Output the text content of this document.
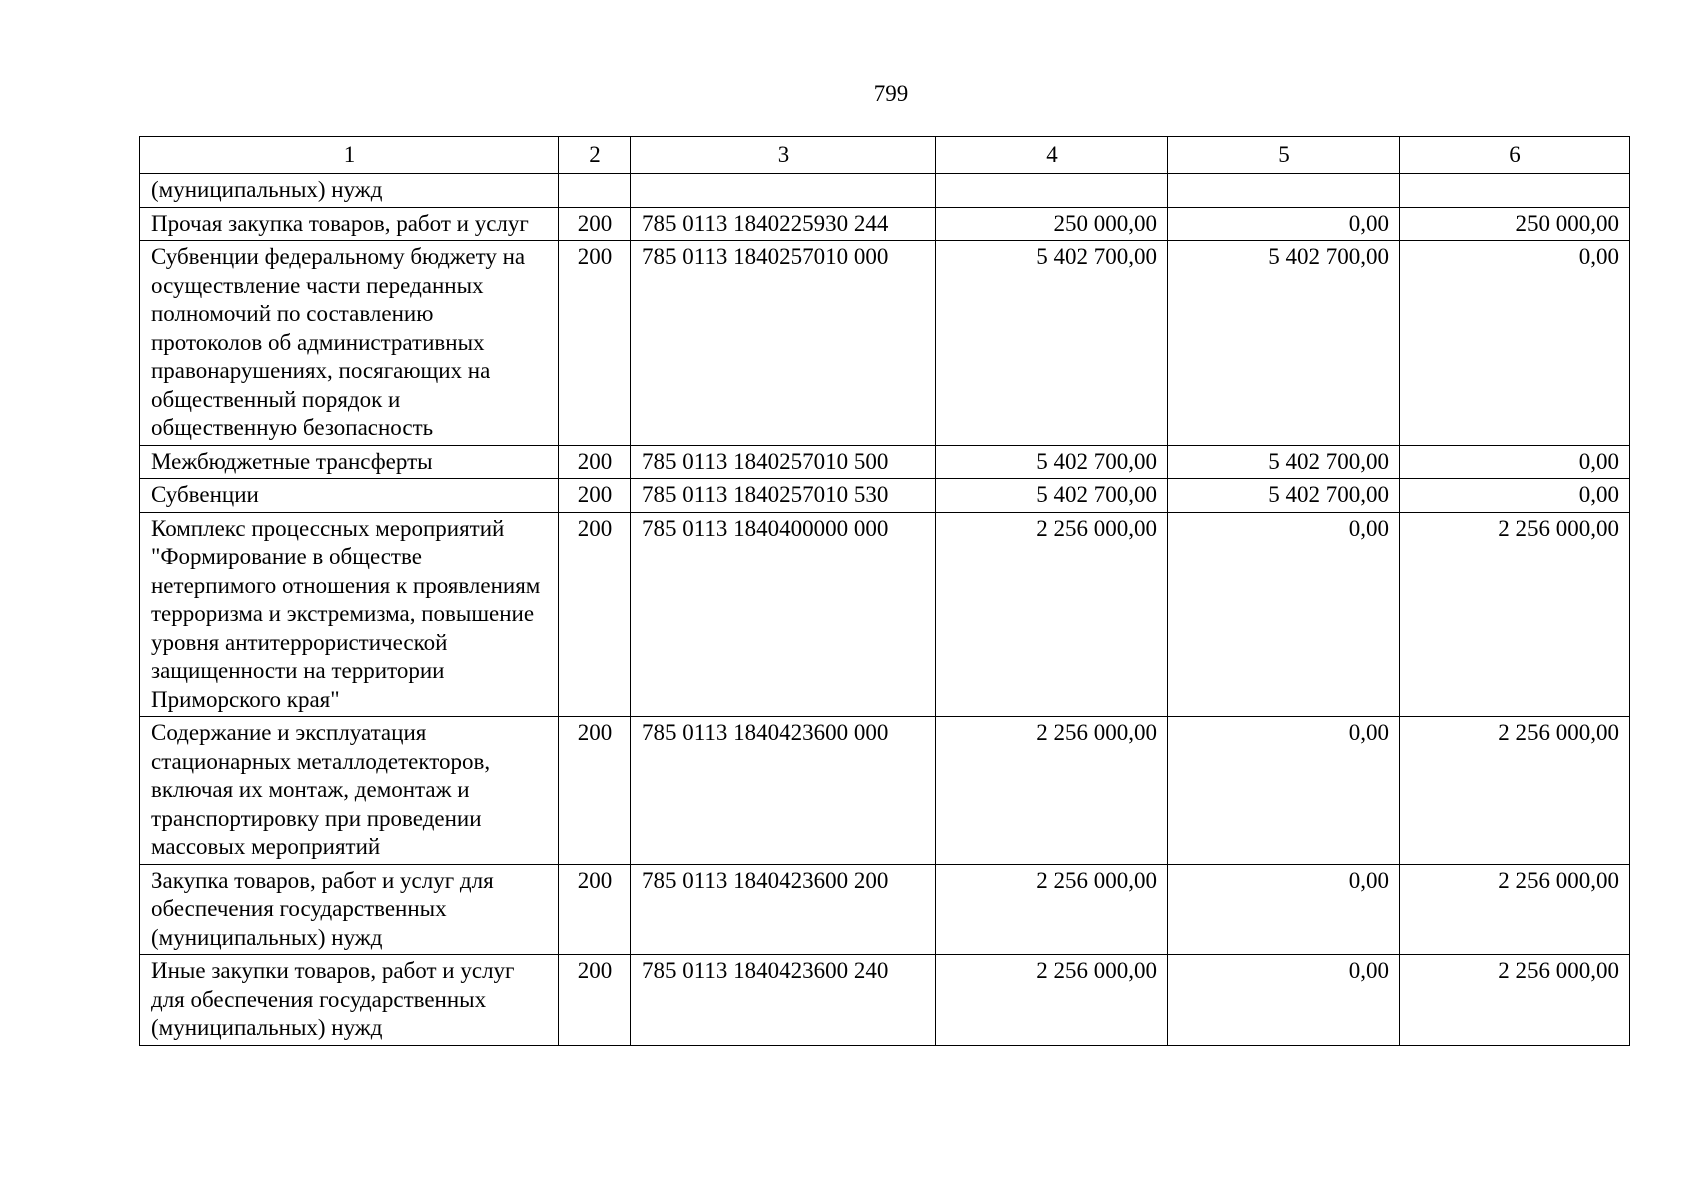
799
1	2	3	4	5	6
(муниципальных) нужд					
Прочая закупка товаров, работ и услуг	200	785 0113 1840225930 244	250 000,00	0,00	250 000,00
Субвенции федеральному бюджету на осуществление части переданных полномочий по составлению протоколов об административных правонарушениях, посягающих на общественный порядок и общественную безопасность	200	785 0113 1840257010 000	5 402 700,00	5 402 700,00	0,00
Межбюджетные трансферты	200	785 0113 1840257010 500	5 402 700,00	5 402 700,00	0,00
Субвенции	200	785 0113 1840257010 530	5 402 700,00	5 402 700,00	0,00
Комплекс процессных мероприятий "Формирование в обществе нетерпимого отношения к проявлениям терроризма и экстремизма, повышение уровня антитеррористической защищенности на территории Приморского края"	200	785 0113 1840400000 000	2 256 000,00	0,00	2 256 000,00
Содержание и эксплуатация стационарных металлодетекторов, включая их монтаж, демонтаж и транспортировку при проведении массовых мероприятий	200	785 0113 1840423600 000	2 256 000,00	0,00	2 256 000,00
Закупка товаров, работ и услуг для обеспечения государственных (муниципальных) нужд	200	785 0113 1840423600 200	2 256 000,00	0,00	2 256 000,00
Иные закупки товаров, работ и услуг для обеспечения государственных (муниципальных) нужд	200	785 0113 1840423600 240	2 256 000,00	0,00	2 256 000,00
